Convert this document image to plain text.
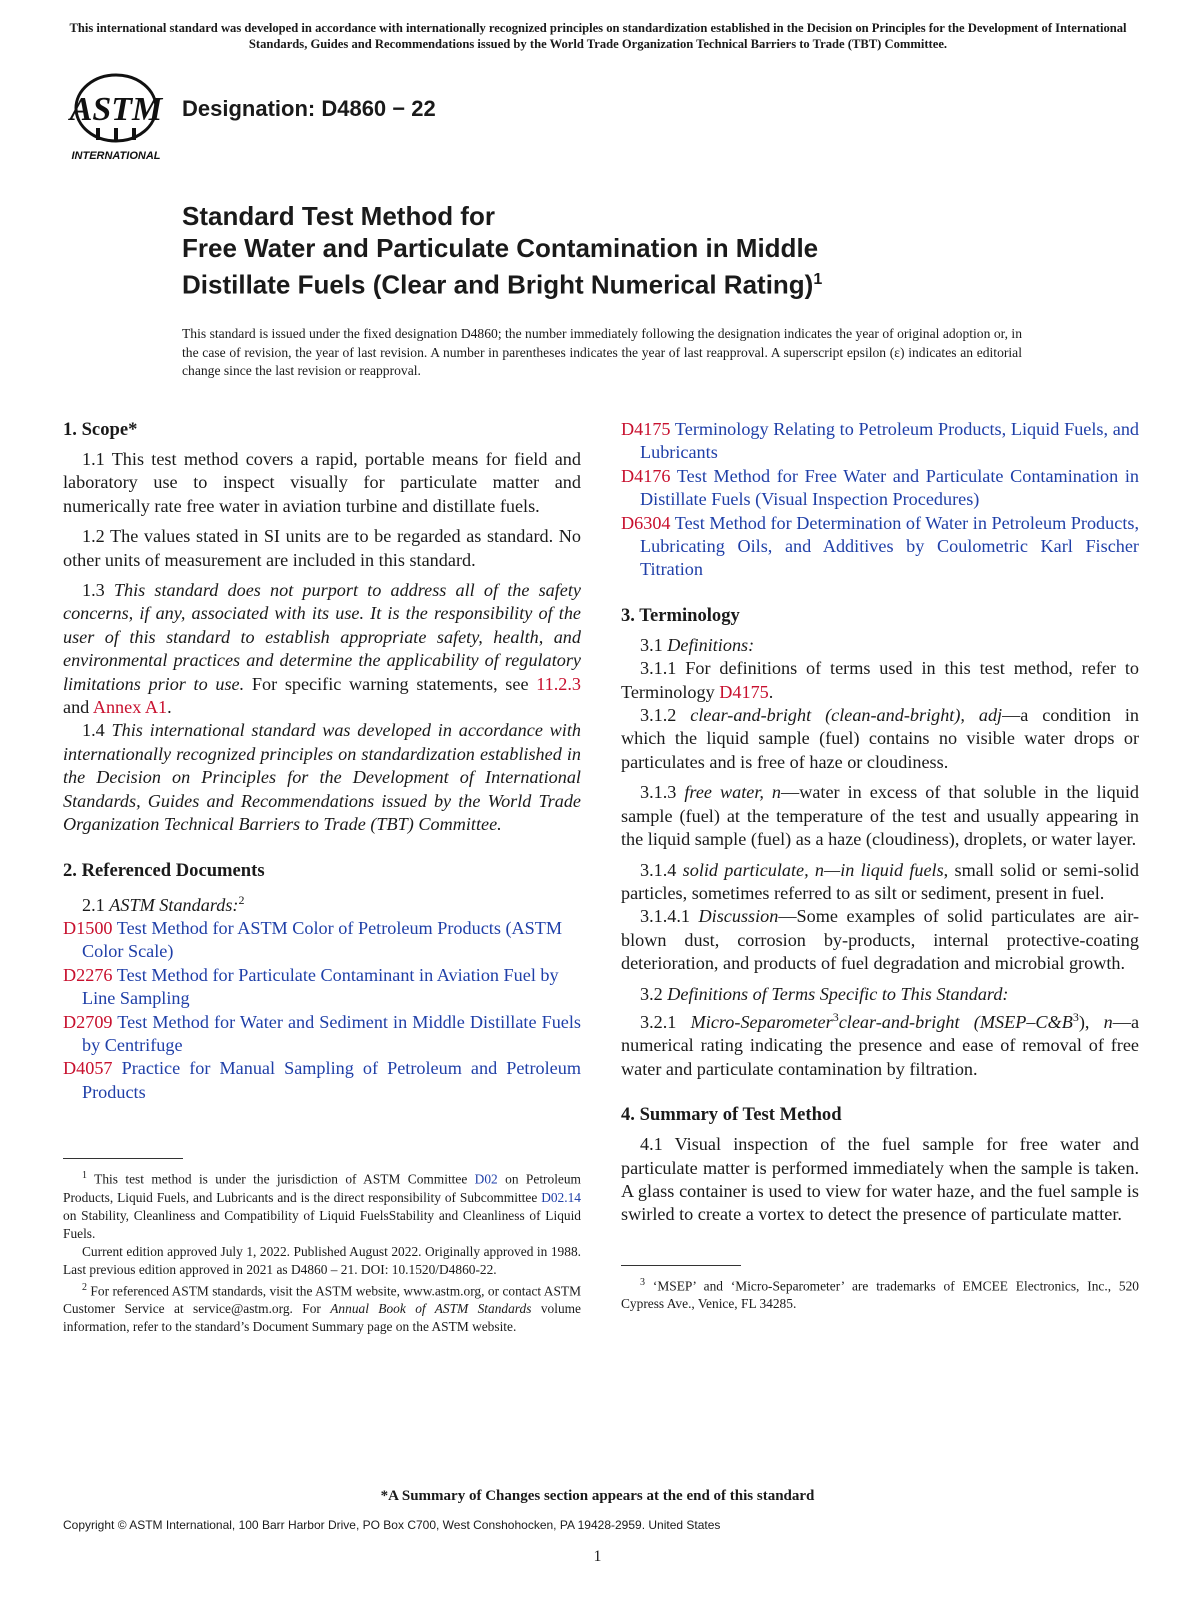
This international standard was developed in accordance with internationally recognized principles on standardization established in the Decision on Principles for the Development of International Standards, Guides and Recommendations issued by the World Trade Organization Technical Barriers to Trade (TBT) Committee.
ASTM
INTERNATIONAL
Designation: D4860 − 22
Standard Test Method for
Free Water and Particulate Contamination in Middle
Distillate Fuels (Clear and Bright Numerical Rating)$^1$
This standard is issued under the fixed designation D4860; the number immediately following the designation indicates the year of original adoption or, in the case of revision, the year of last revision. A number in parentheses indicates the year of last reapproval. A superscript epsilon (ε) indicates an editorial change since the last revision or reapproval.
1. Scope*

1.1 This test method covers a rapid, portable means for field and laboratory use to inspect visually for particulate matter and numerically rate free water in aviation turbine and distillate fuels.

1.2 The values stated in SI units are to be regarded as standard. No other units of measurement are included in this standard.

1.3 This standard does not purport to address all of the safety concerns, if any, associated with its use. It is the responsibility of the user of this standard to establish appropriate safety, health, and environmental practices and determine the applicability of regulatory limitations prior to use. For specific warning statements, see 11.2.3 and Annex A1.

1.4 This international standard was developed in accordance with internationally recognized principles on standardization established in the Decision on Principles for the Development of International Standards, Guides and Recommendations issued by the World Trade Organization Technical Barriers to Trade (TBT) Committee.

2. Referenced Documents

2.1 ASTM Standards:$^2$

D1500 Test Method for ASTM Color of Petroleum Products (ASTM Color Scale)

D2276 Test Method for Particulate Contaminant in Aviation Fuel by Line Sampling

D2709 Test Method for Water and Sediment in Middle Distillate Fuels by Centrifuge

D4057 Practice for Manual Sampling of Petroleum and Petroleum Products

$^1$ This test method is under the jurisdiction of ASTM Committee D02 on Petroleum Products, Liquid Fuels, and Lubricants and is the direct responsibility of Subcommittee D02.14 on Stability, Cleanliness and Compatibility of Liquid FuelsStability and Cleanliness of Liquid Fuels.

Current edition approved July 1, 2022. Published August 2022. Originally approved in 1988. Last previous edition approved in 2021 as D4860 – 21. DOI: 10.1520/D4860-22.

$^2$ For referenced ASTM standards, visit the ASTM website, www.astm.org, or contact ASTM Customer Service at service@astm.org. For Annual Book of ASTM Standards volume information, refer to the standard’s Document Summary page on the ASTM website.

D4175 Terminology Relating to Petroleum Products, Liquid Fuels, and Lubricants

D4176 Test Method for Free Water and Particulate Contamination in Distillate Fuels (Visual Inspection Procedures)

D6304 Test Method for Determination of Water in Petroleum Products, Lubricating Oils, and Additives by Coulometric Karl Fischer Titration

3. Terminology

3.1 Definitions:

3.1.1 For definitions of terms used in this test method, refer to Terminology D4175.

3.1.2 clear-and-bright (clean-and-bright), adj—a condition in which the liquid sample (fuel) contains no visible water drops or particulates and is free of haze or cloudiness.

3.1.3 free water, n—water in excess of that soluble in the liquid sample (fuel) at the temperature of the test and usually appearing in the liquid sample (fuel) as a haze (cloudiness), droplets, or water layer.

3.1.4 solid particulate, n—in liquid fuels, small solid or semi-solid particles, sometimes referred to as silt or sediment, present in fuel.

3.1.4.1 Discussion—Some examples of solid particulates are air-blown dust, corrosion by-products, internal protective-coating deterioration, and products of fuel degradation and microbial growth.

3.2 Definitions of Terms Specific to This Standard:

3.2.1 Micro-Separometer$^3$clear-and-bright $(MSEP-C\&B^3)$, n—a numerical rating indicating the presence and ease of removal of free water and particulate contamination by filtration.

4. Summary of Test Method

4.1 Visual inspection of the fuel sample for free water and particulate matter is performed immediately when the sample is taken. A glass container is used to view for water haze, and the fuel sample is swirled to create a vortex to detect the presence of particulate matter.

$^3$ ‘MSEP’ and ‘Micro-Separometer’ are trademarks of EMCEE Electronics, Inc., 520 Cypress Ave., Venice, FL 34285.

*A Summary of Changes section appears at the end of this standard
Copyright © ASTM International, 100 Barr Harbor Drive, PO Box C700, West Conshohocken, PA 19428-2959. United States
1
